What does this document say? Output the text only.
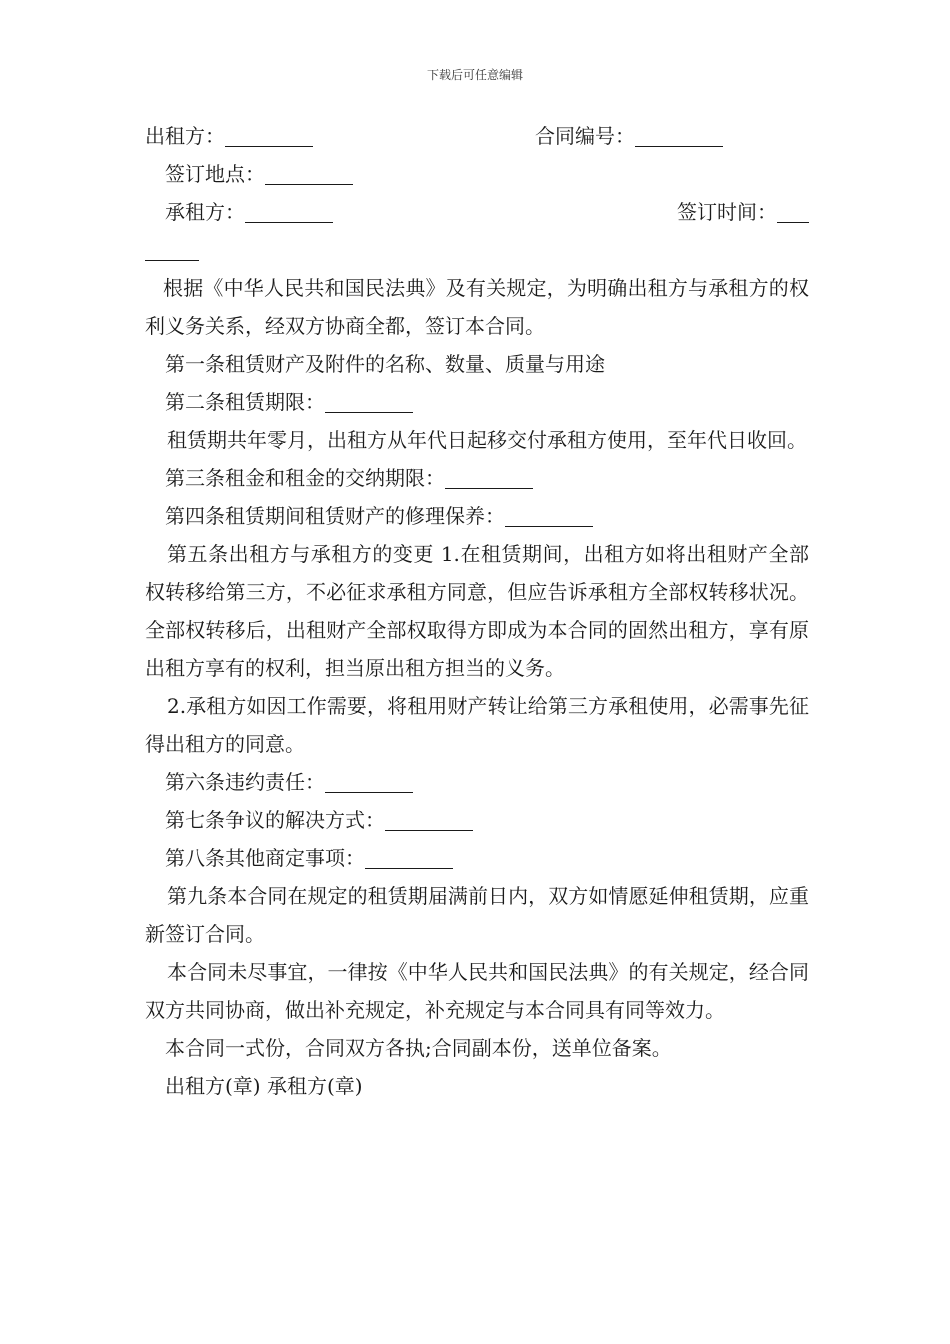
下载后可任意编辑
出租方：	合同编号：
签订地点：
承租方：	签订时间：
根据《中华人民共和国民法典》及有关规定，为明确出租方与承租方的权利义务关系，经双方协商全都，签订本合同。
第一条租赁财产及附件的名称、数量、质量与用途
第二条租赁期限：
租赁期共年零月，出租方从年代日起移交付承租方使用，至年代日收回。
第三条租金和租金的交纳期限：
第四条租赁期间租赁财产的修理保养：
第五条出租方与承租方的变更 1.在租赁期间，出租方如将出租财产全部权转移给第三方，不必征求承租方同意，但应告诉承租方全部权转移状况。全部权转移后，出租财产全部权取得方即成为本合同的固然出租方，享有原出租方享有的权利，担当原出租方担当的义务。
2.承租方如因工作需要，将租用财产转让给第三方承租使用，必需事先征得出租方的同意。
第六条违约责任：
第七条争议的解决方式：
第八条其他商定事项：
第九条本合同在规定的租赁期届满前日内，双方如情愿延伸租赁期，应重新签订合同。
本合同未尽事宜，一律按《中华人民共和国民法典》的有关规定，经合同双方共同协商，做出补充规定，补充规定与本合同具有同等效力。
本合同一式份，合同双方各执;合同副本份，送单位备案。
出租方(章) 承租方(章)
